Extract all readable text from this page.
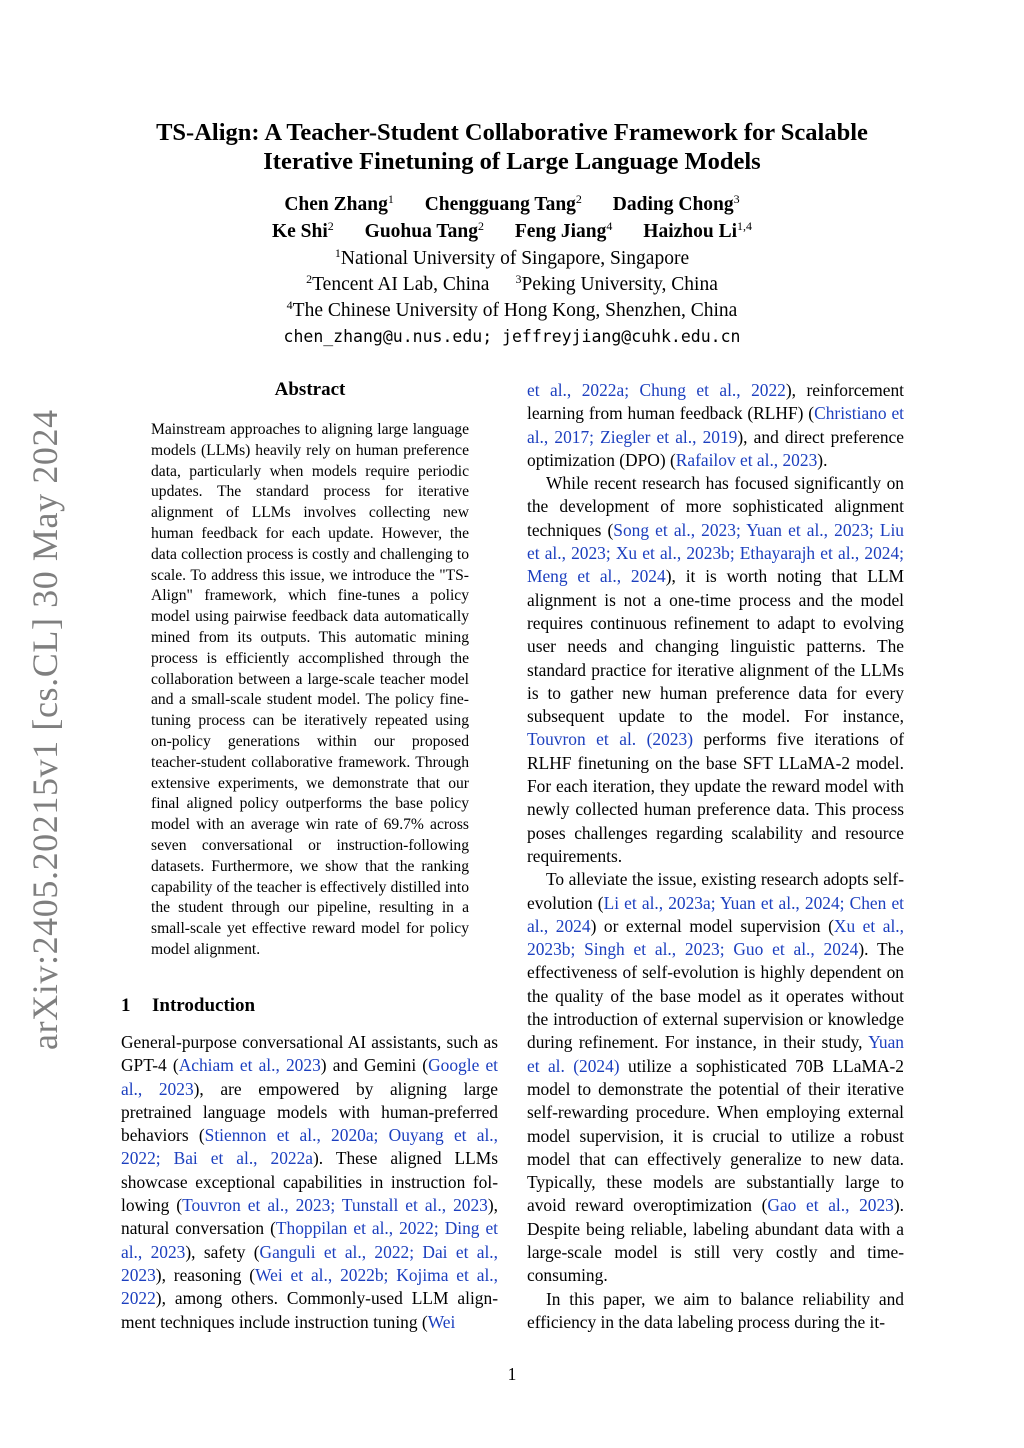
arXiv:2405.20215v1 [cs.CL] 30 May 2024
TS-Align: A Teacher-Student Collaborative Framework for Scalable
Iterative Finetuning of Large Language Models
Chen Zhang$^1$ Chengguang Tang$^2$ Dading Chong$^3$
Ke Shi$^2$ Guohua Tang$^2$ Feng Jiang$^4$ Haizhou Li$^{1,4}$
$^1$National University of Singapore, Singapore
$^2$Tencent AI Lab, China $^3$Peking University, China
$^4$The Chinese University of Hong Kong, Shenzhen, China
chen_zhang@u.nus.edu; jeffreyjiang@cuhk.edu.cn
Abstract
Mainstream approaches to aligning large language models (LLMs) heavily rely on human preference data, particularly when models require periodic updates. The standard process for iterative alignment of LLMs involves collecting new human feedback for each update. However, the data collection process is costly and challenging to scale. To address this issue, we introduce the "TS-Align" framework, which fine-tunes a policy model using pairwise feedback data automatically mined from its outputs. This automatic mining process is efficiently accomplished through the collaboration between a large-scale teacher model and a small-scale student model. The policy fine-tuning process can be iteratively repeated using on-policy generations within our proposed teacher-student collaborative framework. Through extensive experiments, we demonstrate that our final aligned policy outperforms the base policy model with an average win rate of 69.7% across seven conversational or instruction-following datasets. Furthermore, we show that the ranking capability of the teacher is effectively distilled into the student through our pipeline, resulting in a small-scale yet effective reward model for policy model alignment.
1 Introduction

General-purpose conversational AI assistants, such as GPT-4 (Achiam et al., 2023) and Gemini (Google et al., 2023), are empowered by aligning large pretrained language models with human-preferred behaviors (Stiennon et al., 2020a; Ouyang et al., 2022; Bai et al., 2022a). These aligned LLMs showcase exceptional capabilities in instruction following (Touvron et al., 2023; Tunstall et al., 2023), natural conversation (Thoppilan et al., 2022; Ding et al., 2023), safety (Ganguli et al., 2022; Dai et al., 2023), reasoning (Wei et al., 2022b; Kojima et al., 2022), among others. Commonly-used LLM alignment techniques include instruction tuning (Wei

et al., 2022a; Chung et al., 2022), reinforcement learning from human feedback (RLHF) (Christiano et al., 2017; Ziegler et al., 2019), and direct preference optimization (DPO) (Rafailov et al., 2023).

While recent research has focused significantly on the development of more sophisticated alignment techniques (Song et al., 2023; Yuan et al., 2023; Liu et al., 2023; Xu et al., 2023b; Ethayarajh et al., 2024; Meng et al., 2024), it is worth noting that LLM alignment is not a one-time process and the model requires continuous refinement to adapt to evolving user needs and changing linguistic patterns. The standard practice for iterative alignment of the LLMs is to gather new human preference data for every subsequent update to the model. For instance, Touvron et al. (2023) performs five iterations of RLHF finetuning on the base SFT LLaMA-2 model. For each iteration, they update the reward model with newly collected human preference data. This process poses challenges regarding scalability and resource requirements.

To alleviate the issue, existing research adopts self-evolution (Li et al., 2023a; Yuan et al., 2024; Chen et al., 2024) or external model supervision (Xu et al., 2023b; Singh et al., 2023; Guo et al., 2024). The effectiveness of self-evolution is highly dependent on the quality of the base model as it operates without the introduction of external supervision or knowledge during refinement. For instance, in their study, Yuan et al. (2024) utilize a sophisticated 70B LLaMA-2 model to demonstrate the potential of their iterative self-rewarding procedure. When employing external model supervision, it is crucial to utilize a robust model that can effectively generalize to new data. Typically, these models are substantially large to avoid reward overoptimization (Gao et al., 2023). Despite being reliable, labeling abundant data with a large-scale model is still very costly and time-consuming.

In this paper, we aim to balance reliability and efficiency in the data labeling process during the it-

1
